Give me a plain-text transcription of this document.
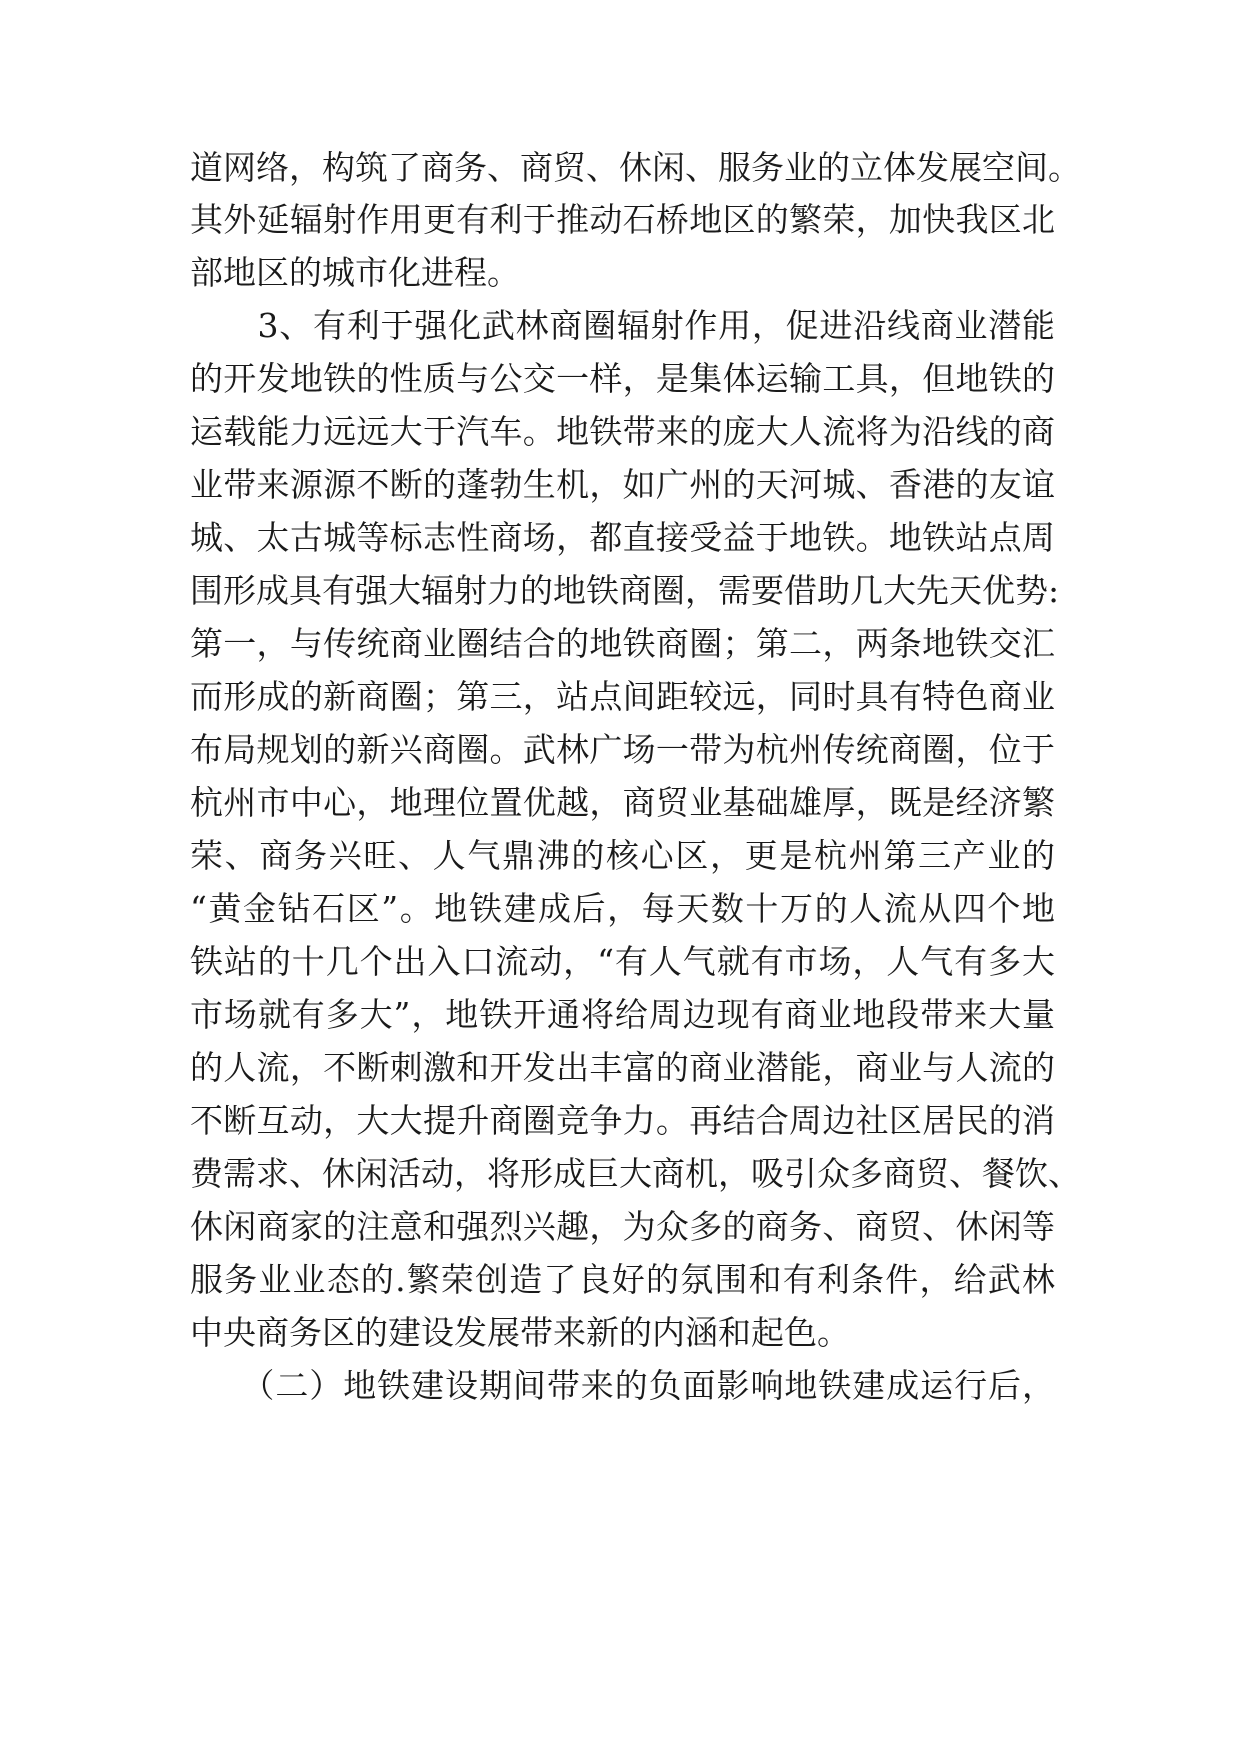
道网络，构筑了商务、商贸、休闲、服务业的立体发展空间。
其外延辐射作用更有利于推动石桥地区的繁荣，加快我区北
部地区的城市化进程。
　　3、有利于强化武林商圈辐射作用，促进沿线商业潜能
的开发地铁的性质与公交一样，是集体运输工具，但地铁的
运载能力远远大于汽车。地铁带来的庞大人流将为沿线的商
业带来源源不断的蓬勃生机，如广州的天河城、香港的友谊
城、太古城等标志性商场，都直接受益于地铁。地铁站点周
围形成具有强大辐射力的地铁商圈，需要借助几大先天优势:
第一，与传统商业圈结合的地铁商圈；第二，两条地铁交汇
而形成的新商圈；第三，站点间距较远，同时具有特色商业
布局规划的新兴商圈。武林广场一带为杭州传统商圈，位于
杭州市中心，地理位置优越，商贸业基础雄厚，既是经济繁
荣、商务兴旺、人气鼎沸的核心区，更是杭州第三产业的
“黄金钻石区”。地铁建成后，每天数十万的人流从四个地
铁站的十几个出入口流动，“有人气就有市场，人气有多大
市场就有多大”，地铁开通将给周边现有商业地段带来大量
的人流，不断刺激和开发出丰富的商业潜能，商业与人流的
不断互动，大大提升商圈竞争力。再结合周边社区居民的消
费需求、休闲活动，将形成巨大商机，吸引众多商贸、餐饮、
休闲商家的注意和强烈兴趣，为众多的商务、商贸、休闲等
服务业业态的.繁荣创造了良好的氛围和有利条件，给武林
中央商务区的建设发展带来新的内涵和起色。
　　（二）地铁建设期间带来的负面影响地铁建成运行后，
